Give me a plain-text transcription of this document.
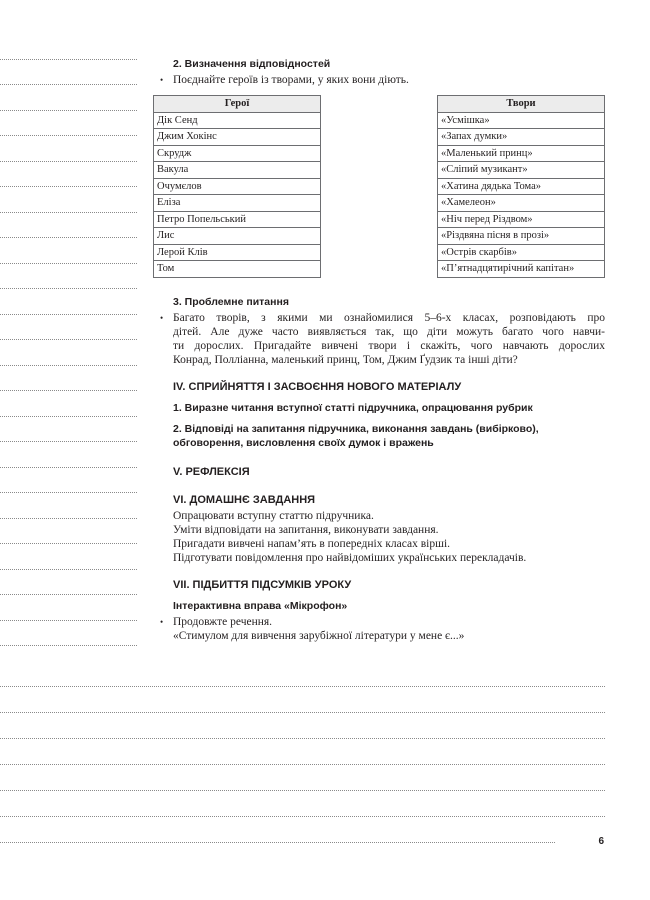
2. Визначення відповідностей
• Поєднайте героїв із творами, у яких вони діють.
Герої
Дік Сенд
Джим Хокінс
Скрудж
Вакула
Очумєлов
Еліза
Петро Попельський
Лис
Лерой Клів
Том
Твори
«Усмішка»
«Запах думки»
«Маленький принц»
«Сліпий музикант»
«Хатина дядька Тома»
«Хамелеон»
«Ніч перед Різдвом»
«Різдвяна пісня в прозі»
«Острів скарбів»
«П’ятнадцятирічний капітан»
3. Проблемне питання
• Багато творів, з якими ми ознайомилися 5–6-х класах, розповідають про
дітей. Але дуже часто виявляється так, що діти можуть багато чого навчи-
ти дорослих. Пригадайте вивчені твори і скажіть, чого навчають дорослих
Конрад, Полліанна, маленький принц, Том, Джим Ґудзик та інші діти?
IV. СПРИЙНЯТТЯ І ЗАСВОЄННЯ НОВОГО МАТЕРІАЛУ
1. Виразне читання вступної статті підручника, опрацювання рубрик
2. Відповіді на запитання підручника, виконання завдань (вибірково),
обговорення, висловлення своїх думок і вражень
V. РЕФЛЕКСІЯ
VI. ДОМАШНЄ ЗАВДАННЯ
Опрацювати вступну статтю підручника.
Уміти відповідати на запитання, виконувати завдання.
Пригадати вивчені напам’ять в попередніх класах вірші.
Підготувати повідомлення про найвідоміших українських перекладачів.
VII. ПІДБИТТЯ ПІДСУМКІВ УРОКУ
Інтерактивна вправа «Мікрофон»
• Продовжте речення.
«Стимулом для вивчення зарубіжної літератури у мене є...»
6
